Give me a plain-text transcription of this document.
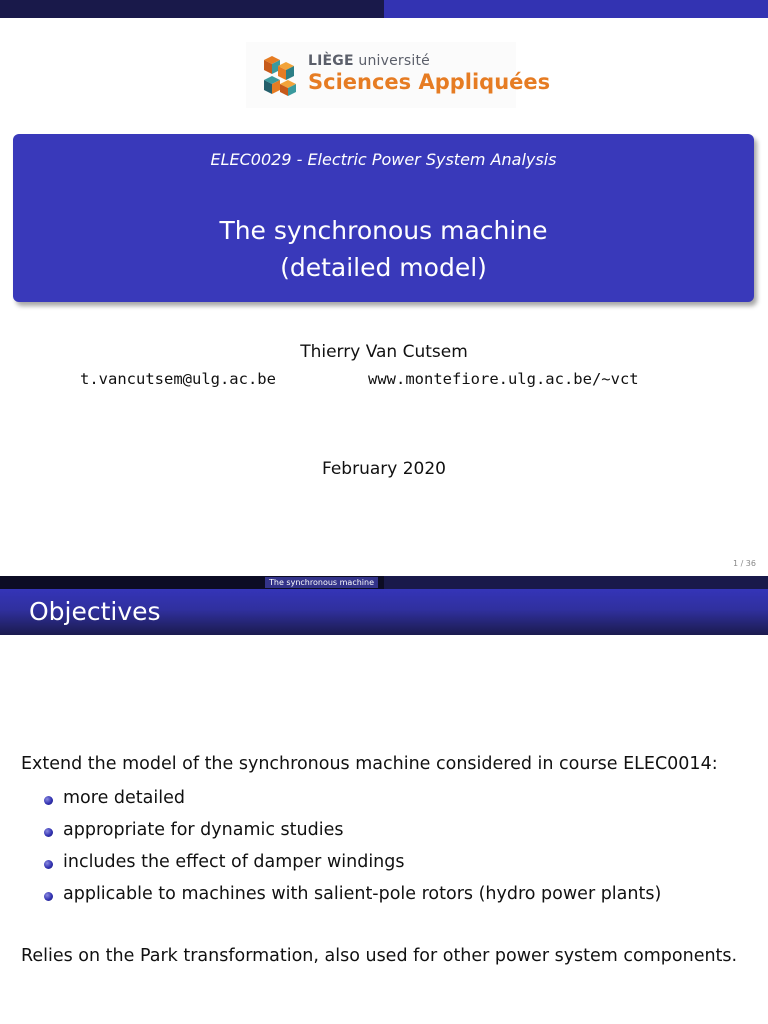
LIÈGE université
Sciences Appliquées
ELEC0029 - Electric Power System Analysis
The synchronous machine
(detailed model)
Thierry Van Cutsem
t.vancutsem@ulg.ac.be	www.montefiore.ulg.ac.be/~vct
February 2020
1 / 36
The synchronous machine
Objectives
Extend the model of the synchronous machine considered in course ELEC0014:
more detailed
appropriate for dynamic studies
includes the effect of damper windings
applicable to machines with salient-pole rotors (hydro power plants)
Relies on the Park transformation, also used for other power system components.
